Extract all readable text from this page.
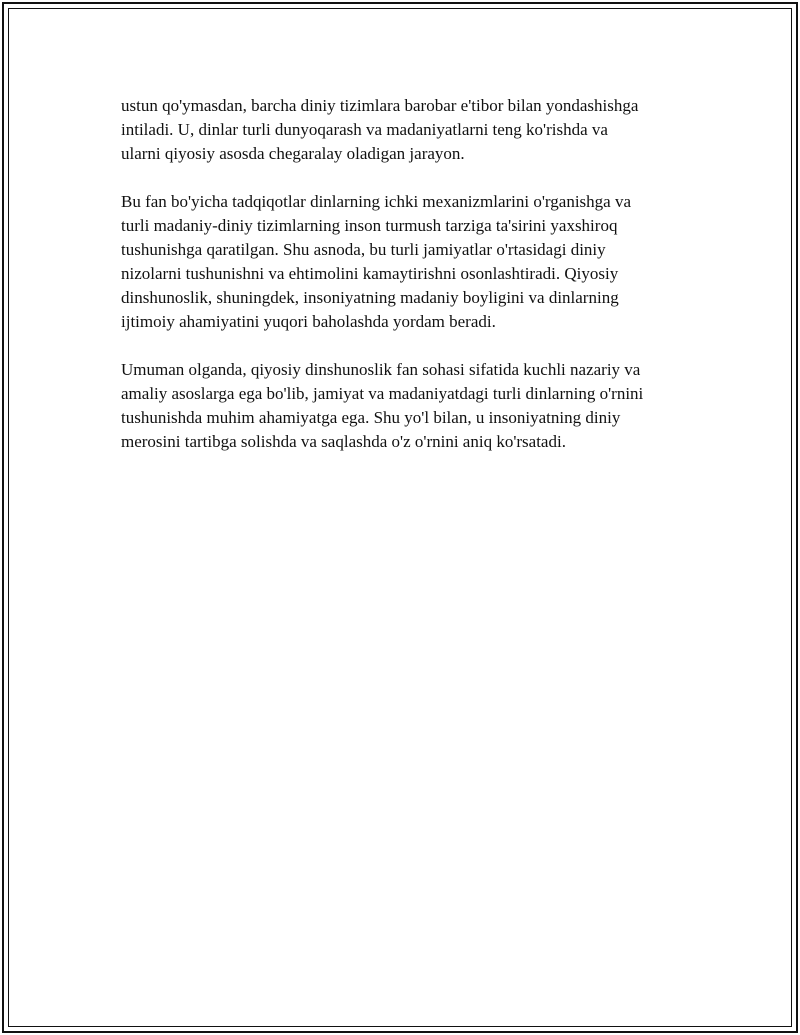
ustun qo'ymasdan, barcha diniy tizimlara barobar e'tibor bilan yondashishga
intiladi. U, dinlar turli dunyoqarash va madaniyatlarni teng ko'rishda va
ularni qiyosiy asosda chegaralay oladigan jarayon.

Bu fan bo'yicha tadqiqotlar dinlarning ichki mexanizmlarini o'rganishga va
turli madaniy-diniy tizimlarning inson turmush tarziga ta'sirini yaxshiroq
tushunishga qaratilgan. Shu asnoda, bu turli jamiyatlar o'rtasidagi diniy
nizolarni tushunishni va ehtimolini kamaytirishni osonlashtiradi. Qiyosiy
dinshunoslik, shuningdek, insoniyatning madaniy boyligini va dinlarning
ijtimoiy ahamiyatini yuqori baholashda yordam beradi.

Umuman olganda, qiyosiy dinshunoslik fan sohasi sifatida kuchli nazariy va
amaliy asoslarga ega bo'lib, jamiyat va madaniyatdagi turli dinlarning o'rnini
tushunishda muhim ahamiyatga ega. Shu yo'l bilan, u insoniyatning diniy
merosini tartibga solishda va saqlashda o'z o'rnini aniq ko'rsatadi.
